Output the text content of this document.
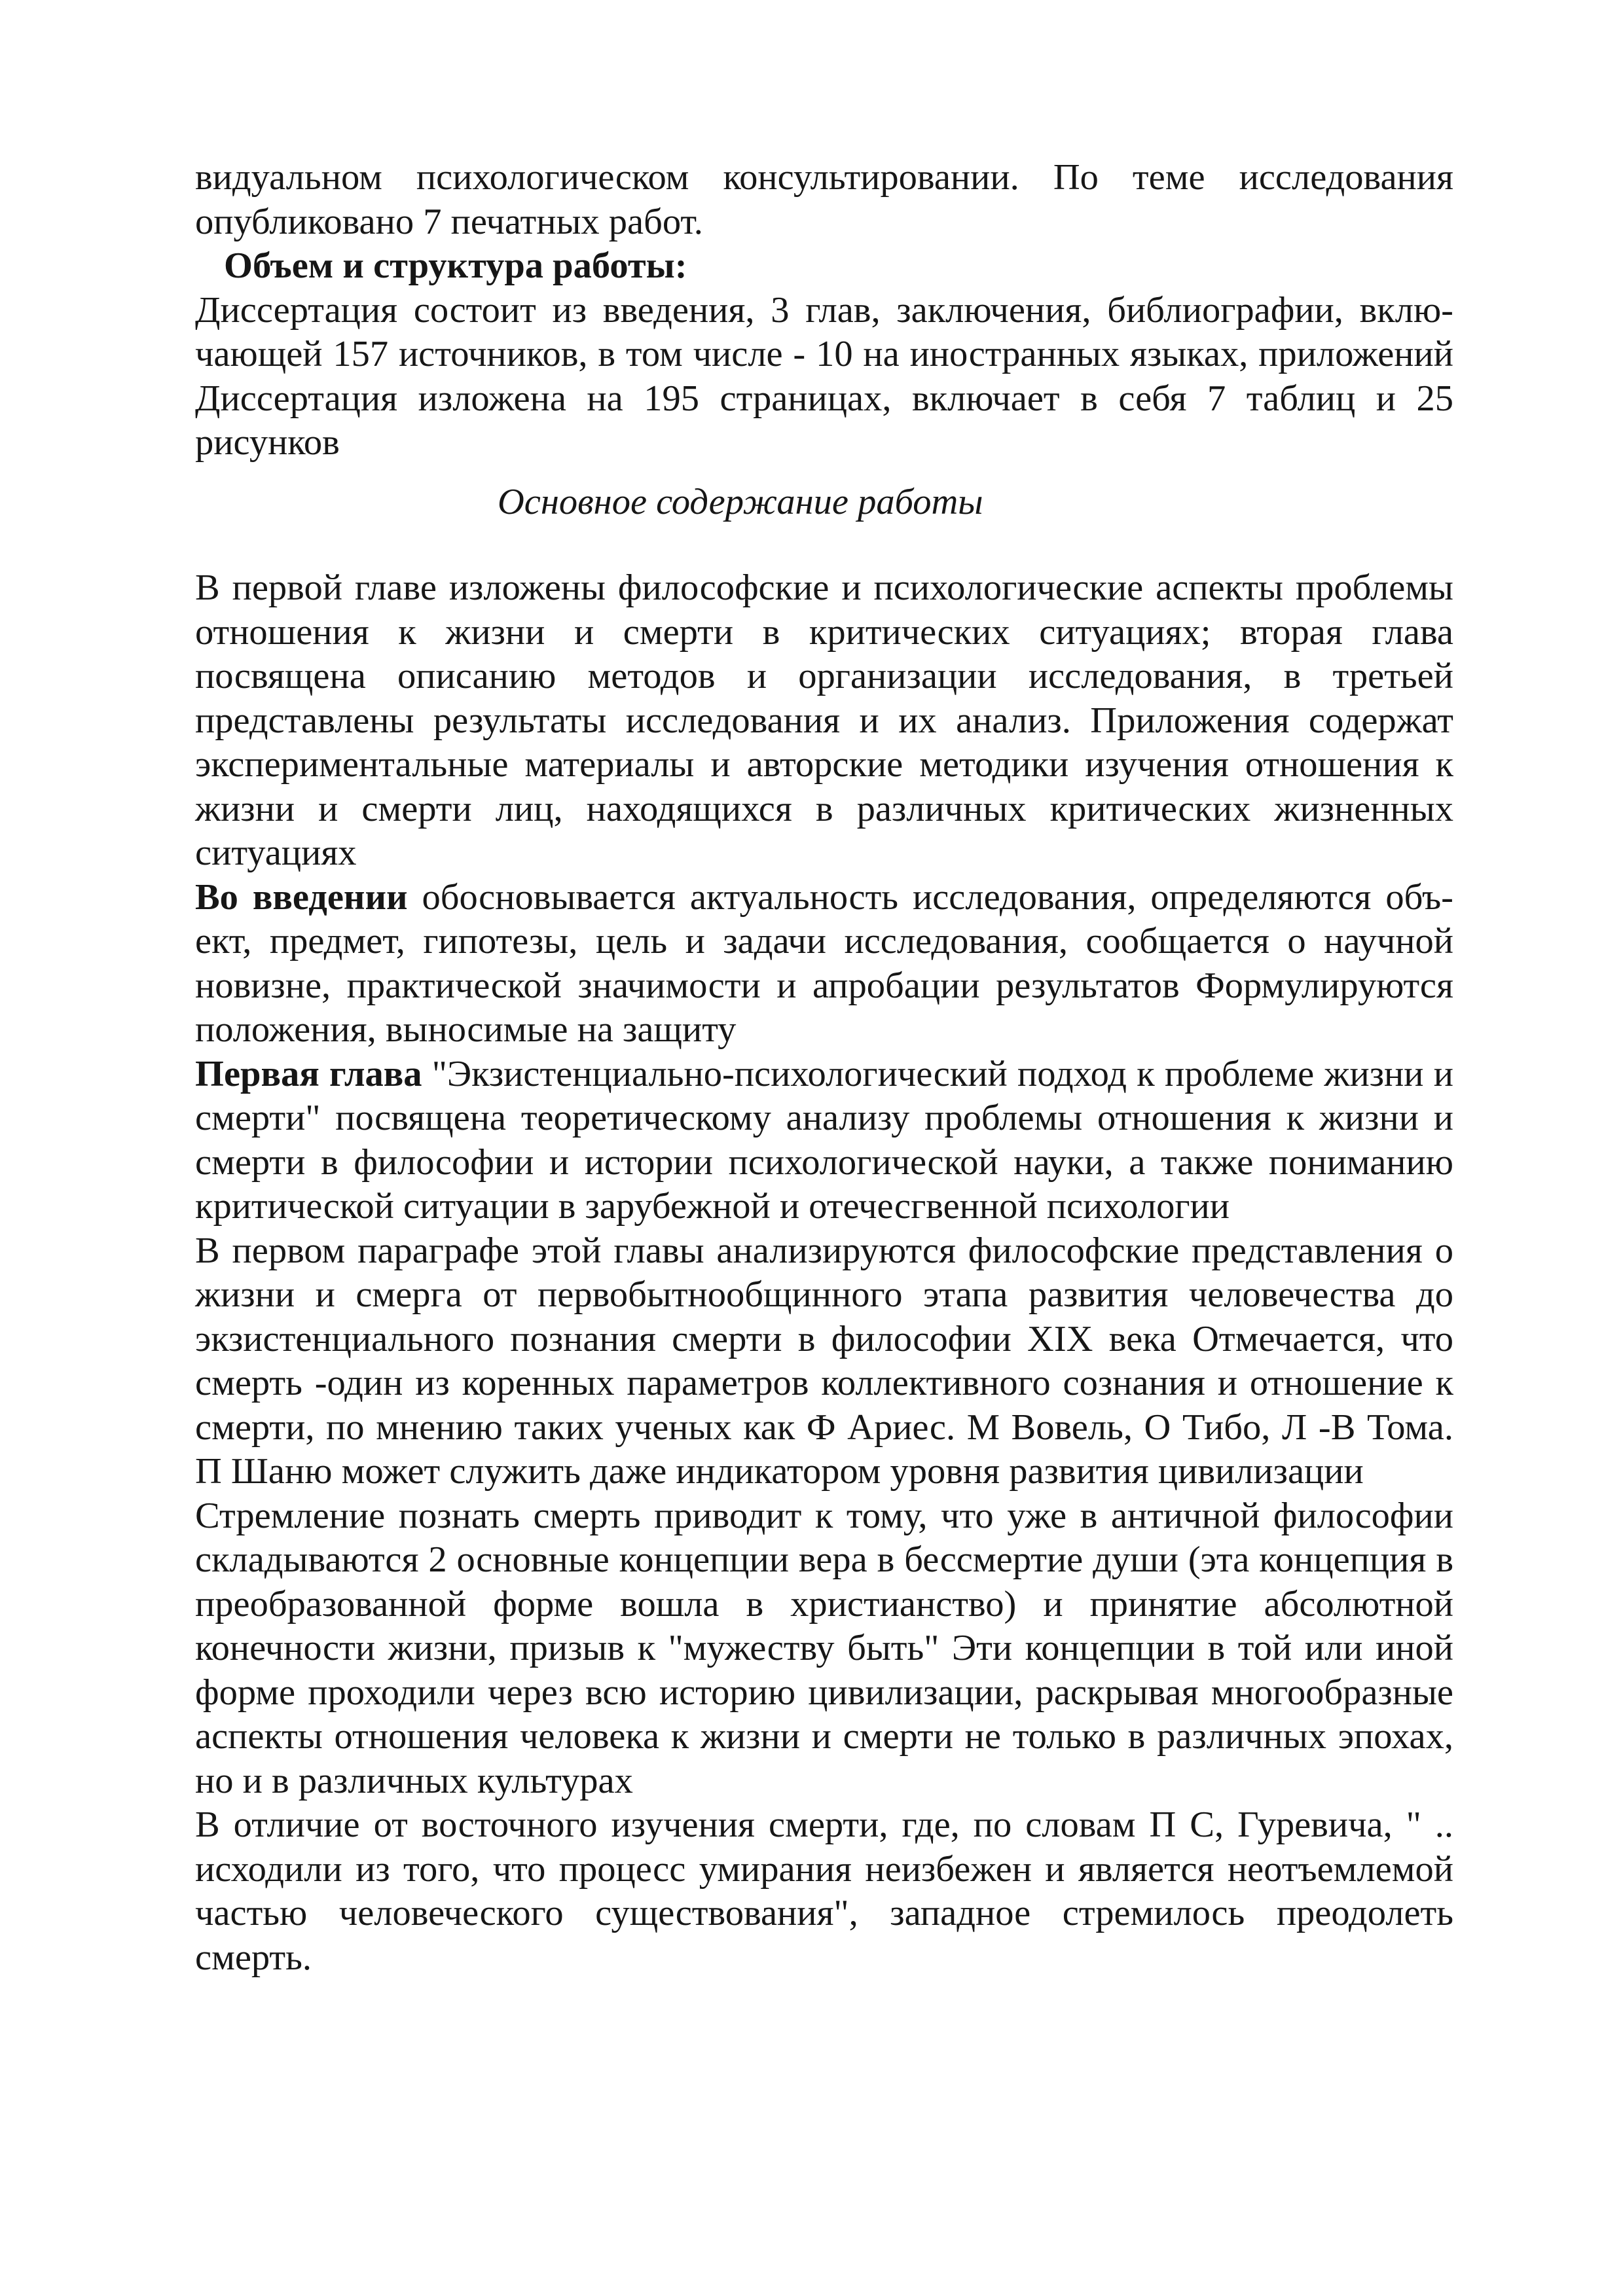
видуальном психологическом консультировании. По теме исследования опубликовано 7 печатных работ.

Объем и структура работы:

Диссертация состоит из введения, 3 глав, заключения, библиографии, включающей 157 источников, в том числе - 10 на иностранных языках, приложений Диссертация изложена на 195 страницах, включает в себя 7 таблиц и 25 рисунков

Основное содержание работы

В первой главе изложены философские и психологические аспекты проблемы отношения к жизни и смерти в критических ситуациях; вторая глава посвящена описанию методов и организации исследования, в третьей представлены результаты исследования и их анализ. Приложения содержат экспериментальные материалы и авторские методики изучения отношения к жизни и смерти лиц, находящихся в различных критических жизненных ситуациях

Во введении обосновывается актуальность исследования, определяются объект, предмет, гипотезы, цель и задачи исследования, сообщается о научной новизне, практической значимости и апробации результатов Формулируются положения, выносимые на защиту

Первая глава "Экзистенциально-психологический подход к проблеме жизни и смерти" посвящена теоретическому анализу проблемы отношения к жизни и смерти в философии и истории психологической науки, а также пониманию критической ситуации в зарубежной и отечесгвенной психологии

В первом параграфе этой главы анализируются философские представления о жизни и смерга от первобытнообщинного этапа развития человечества до экзистенциального познания смерти в философии XIX века Отмечается, что смерть -один из коренных параметров коллективного сознания и отношение к смерти, по мнению таких ученых как Ф Ариес. М Вовель, О Тибо, Л -В Тома. П Шаню может служить даже индикатором уровня развития цивилизации

Стремление познать смерть приводит к тому, что уже в античной философии складываются 2 основные концепции вера в бессмертие души (эта концепция в преобразованной форме вошла в христианство) и принятие абсолютной конечности жизни, призыв к "мужеству быть" Эти концепции в той или иной форме проходили через всю историю цивилизации, раскрывая многообразные аспекты отношения человека к жизни и смерти не только в различных эпохах, но и в различных культурах

В отличие от восточного изучения смерти, где, по словам П С, Гуревича, " .. исходили из того, что процесс умирания неизбежен и является неотъемлемой частью человеческого существования", западное стремилось преодолеть смерть.
